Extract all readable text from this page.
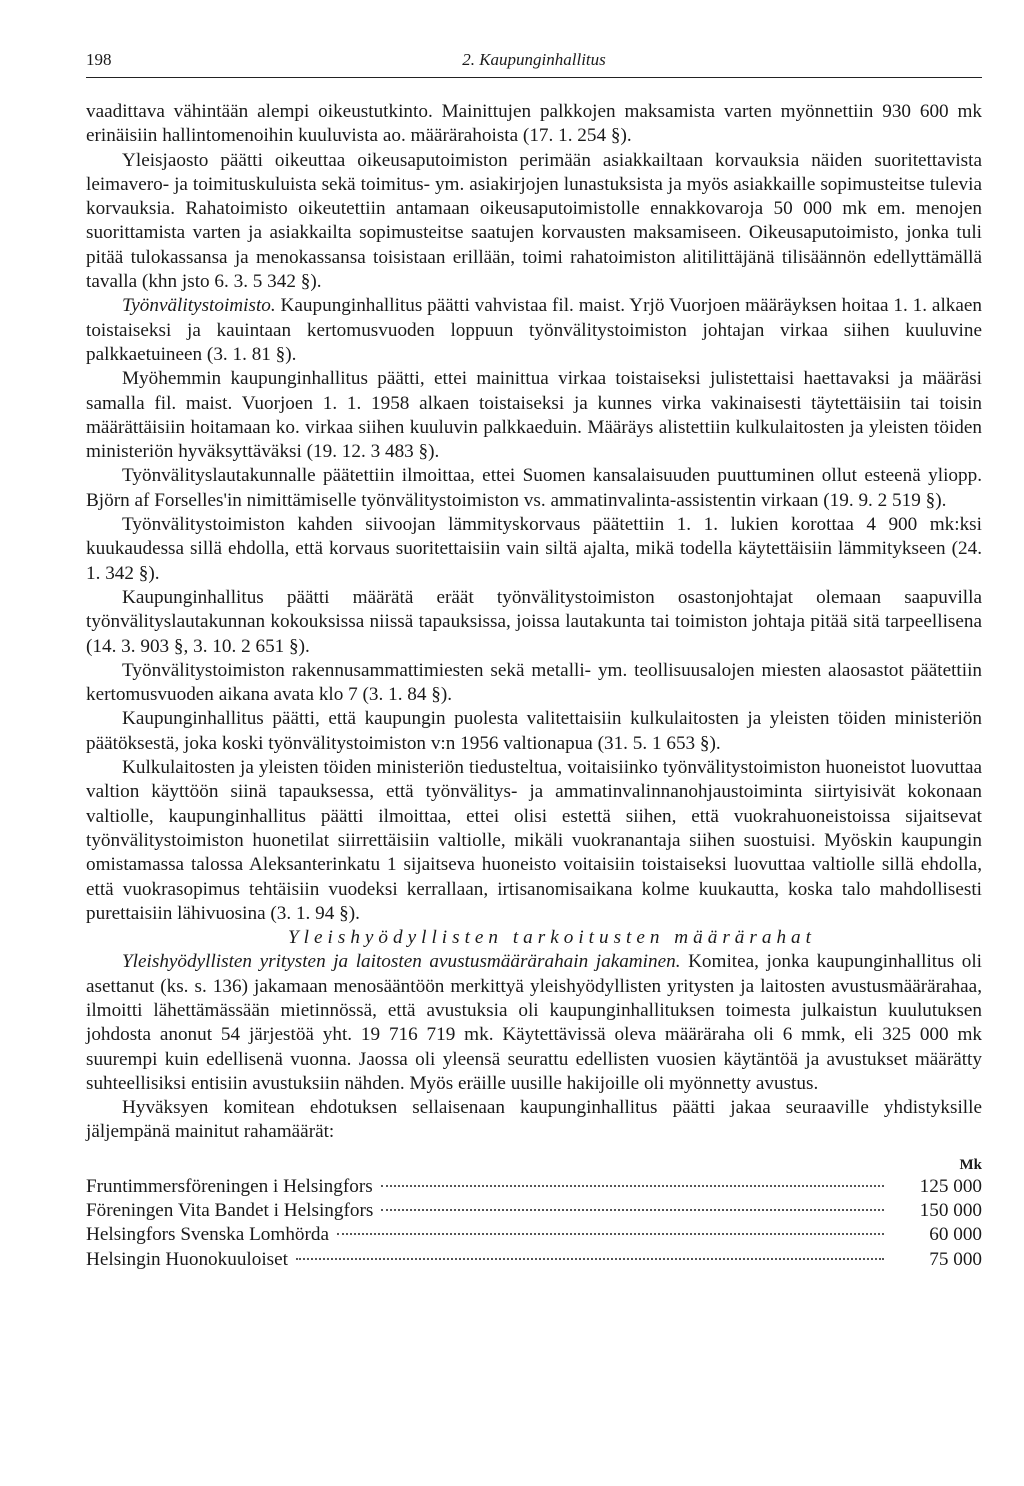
198	2. Kaupunginhallitus

vaadittava vähintään alempi oikeustutkinto. Mainittujen palkkojen maksamista varten myönnettiin 930 600 mk erinäisiin hallintomenoihin kuuluvista ao. määrärahoista (17. 1. 254 §).

Yleisjaosto päätti oikeuttaa oikeusaputoimiston perimään asiakkailtaan korvauksia näiden suoritettavista leimavero- ja toimituskuluista sekä toimitus- ym. asiakirjojen lunastuksista ja myös asiakkaille sopimusteitse tulevia korvauksia. Rahatoimisto oikeutettiin antamaan oikeusaputoimistolle ennakkovaroja 50 000 mk em. menojen suorittamista varten ja asiakkailta sopimusteitse saatujen korvausten maksamiseen. Oikeusaputoimisto, jonka tuli pitää tulokassansa ja menokassansa toisistaan erillään, toimi rahatoimiston alitilittäjänä tilisäännön edellyttämällä tavalla (khn jsto 6. 3. 5 342 §).

Työnvälitystoimisto. Kaupunginhallitus päätti vahvistaa fil. maist. Yrjö Vuorjoen määräyksen hoitaa 1. 1. alkaen toistaiseksi ja kauintaan kertomusvuoden loppuun työnvälitystoimiston johtajan virkaa siihen kuuluvine palkkaetuineen (3. 1. 81 §).

Myöhemmin kaupunginhallitus päätti, ettei mainittua virkaa toistaiseksi julistettaisi haettavaksi ja määräsi samalla fil. maist. Vuorjoen 1. 1. 1958 alkaen toistaiseksi ja kunnes virka vakinaisesti täytettäisiin tai toisin määrättäisiin hoitamaan ko. virkaa siihen kuuluvin palkkaeduin. Määräys alistettiin kulkulaitosten ja yleisten töiden ministeriön hyväksyttäväksi (19. 12. 3 483 §).

Työnvälityslautakunnalle päätettiin ilmoittaa, ettei Suomen kansalaisuuden puuttuminen ollut esteenä yliopp. Björn af Forselles'in nimittämiselle työnvälitystoimiston vs. ammatinvalinta-assistentin virkaan (19. 9. 2 519 §).

Työnvälitystoimiston kahden siivoojan lämmityskorvaus päätettiin 1. 1. lukien korottaa 4 900 mk:ksi kuukaudessa sillä ehdolla, että korvaus suoritettaisiin vain siltä ajalta, mikä todella käytettäisiin lämmitykseen (24. 1. 342 §).

Kaupunginhallitus päätti määrätä eräät työnvälitystoimiston osastonjohtajat olemaan saapuvilla työnvälityslautakunnan kokouksissa niissä tapauksissa, joissa lautakunta tai toimiston johtaja pitää sitä tarpeellisena (14. 3. 903 §, 3. 10. 2 651 §).

Työnvälitystoimiston rakennusammattimiesten sekä metalli- ym. teollisuusalojen miesten alaosastot päätettiin kertomusvuoden aikana avata klo 7 (3. 1. 84 §).

Kaupunginhallitus päätti, että kaupungin puolesta valitettaisiin kulkulaitosten ja yleisten töiden ministeriön päätöksestä, joka koski työnvälitystoimiston v:n 1956 valtionapua (31. 5. 1 653 §).

Kulkulaitosten ja yleisten töiden ministeriön tiedusteltua, voitaisiinko työnvälitystoimiston huoneistot luovuttaa valtion käyttöön siinä tapauksessa, että työnvälitys- ja ammatinvalinnanohjaustoiminta siirtyisivät kokonaan valtiolle, kaupunginhallitus päätti ilmoittaa, ettei olisi estettä siihen, että vuokrahuoneistoissa sijaitsevat työnvälitystoimiston huonetilat siirrettäisiin valtiolle, mikäli vuokranantaja siihen suostuisi. Myöskin kaupungin omistamassa talossa Aleksanterinkatu 1 sijaitseva huoneisto voitaisiin toistaiseksi luovuttaa valtiolle sillä ehdolla, että vuokrasopimus tehtäisiin vuodeksi kerrallaan, irtisanomisaikana kolme kuukautta, koska talo mahdollisesti purettaisiin lähivuosina (3. 1. 94 §).

Yleishyödyllisten tarkoitusten määrärahat

Yleishyödyllisten yritysten ja laitosten avustusmäärärahain jakaminen. Komitea, jonka kaupunginhallitus oli asettanut (ks. s. 136) jakamaan menosääntöön merkittyä yleishyödyllisten yritysten ja laitosten avustusmäärärahaa, ilmoitti lähettämässään mietinnössä, että avustuksia oli kaupunginhallituksen toimesta julkaistun kuulutuksen johdosta anonut 54 järjestöä yht. 19 716 719 mk. Käytettävissä oleva määräraha oli 6 mmk, eli 325 000 mk suurempi kuin edellisenä vuonna. Jaossa oli yleensä seurattu edellisten vuosien käytäntöä ja avustukset määrätty suhteellisiksi entisiin avustuksiin nähden. Myös eräille uusille hakijoille oli myönnetty avustus.

Hyväksyen komitean ehdotuksen sellaisenaan kaupunginhallitus päätti jakaa seuraaville yhdistyksille jäljempänä mainitut rahamäärät:

Mk
Fruntimmersföreningen i Helsingfors	125 000
Föreningen Vita Bandet i Helsingfors	150 000
Helsingfors Svenska Lomhörda	60 000
Helsingin Huonokuuloiset	75 000
